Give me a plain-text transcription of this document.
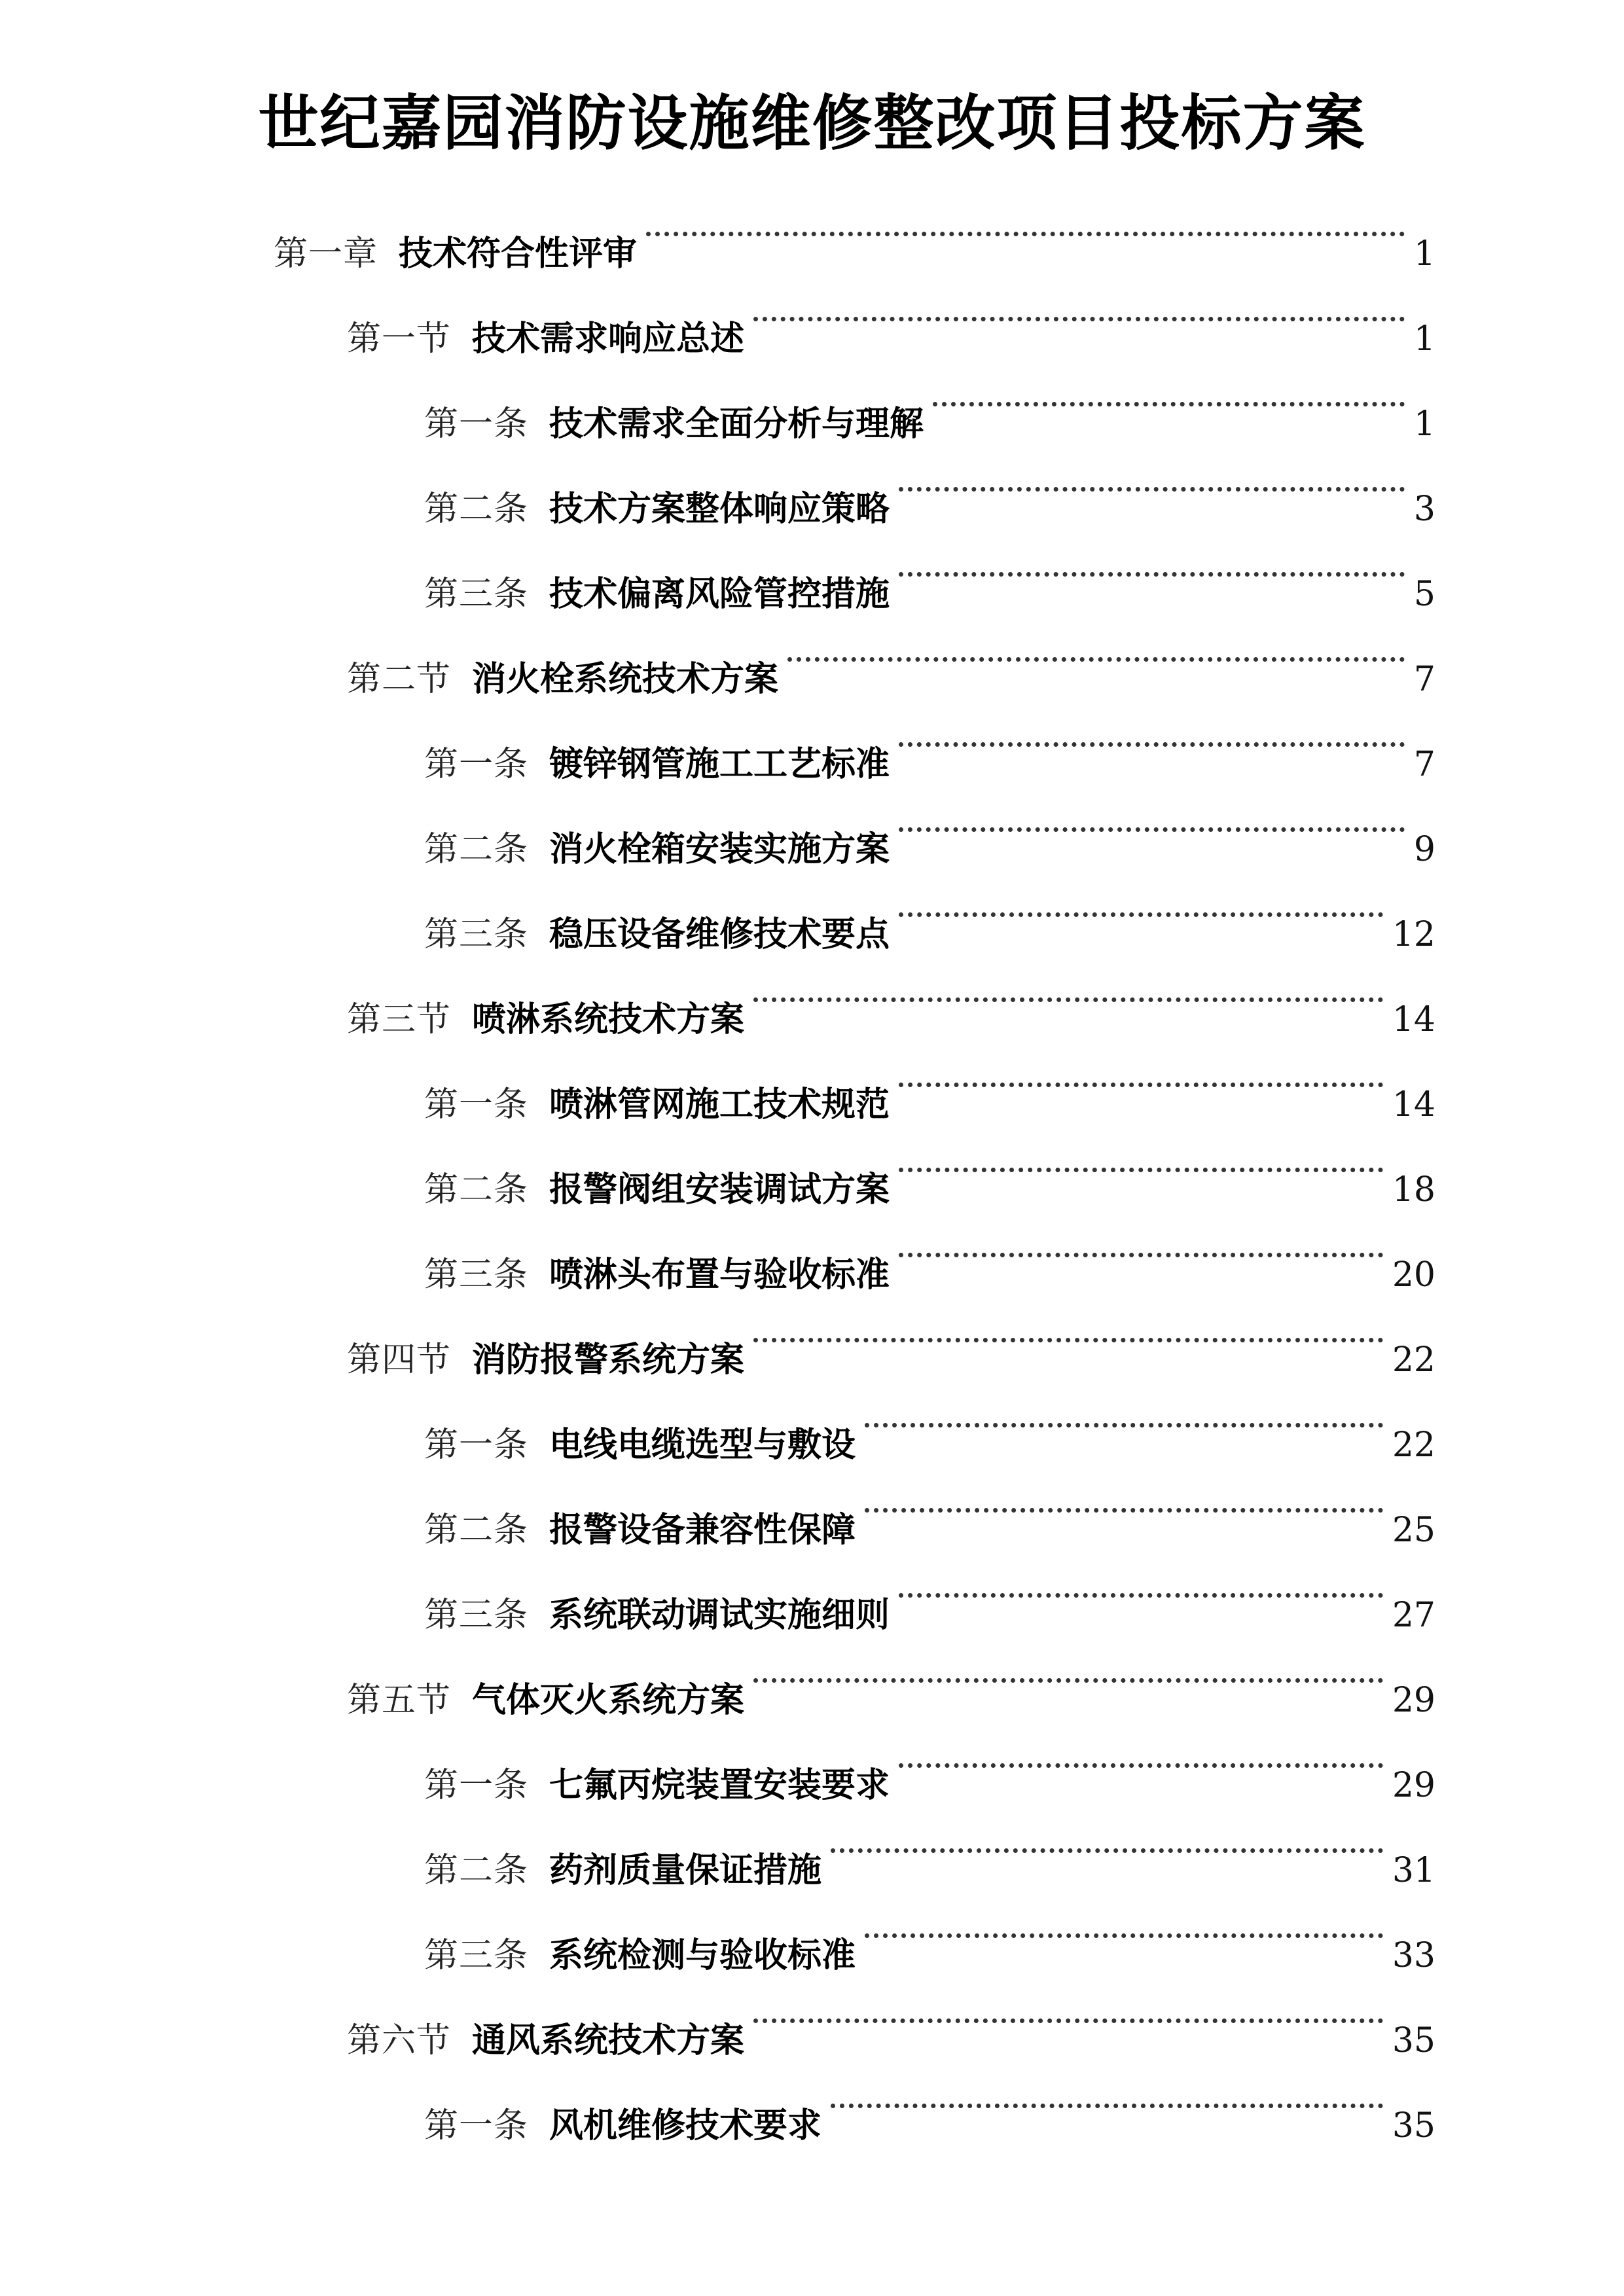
世纪嘉园消防设施维修整改项目投标方案
第一章 技术符合性评审	1
第一节 技术需求响应总述	1
第一条 技术需求全面分析与理解	1
第二条 技术方案整体响应策略	3
第三条 技术偏离风险管控措施	5
第二节 消火栓系统技术方案	7
第一条 镀锌钢管施工工艺标准	7
第二条 消火栓箱安装实施方案	9
第三条 稳压设备维修技术要点	12
第三节 喷淋系统技术方案	14
第一条 喷淋管网施工技术规范	14
第二条 报警阀组安装调试方案	18
第三条 喷淋头布置与验收标准	20
第四节 消防报警系统方案	22
第一条 电线电缆选型与敷设	22
第二条 报警设备兼容性保障	25
第三条 系统联动调试实施细则	27
第五节 气体灭火系统方案	29
第一条 七氟丙烷装置安装要求	29
第二条 药剂质量保证措施	31
第三条 系统检测与验收标准	33
第六节 通风系统技术方案	35
第一条 风机维修技术要求	35
